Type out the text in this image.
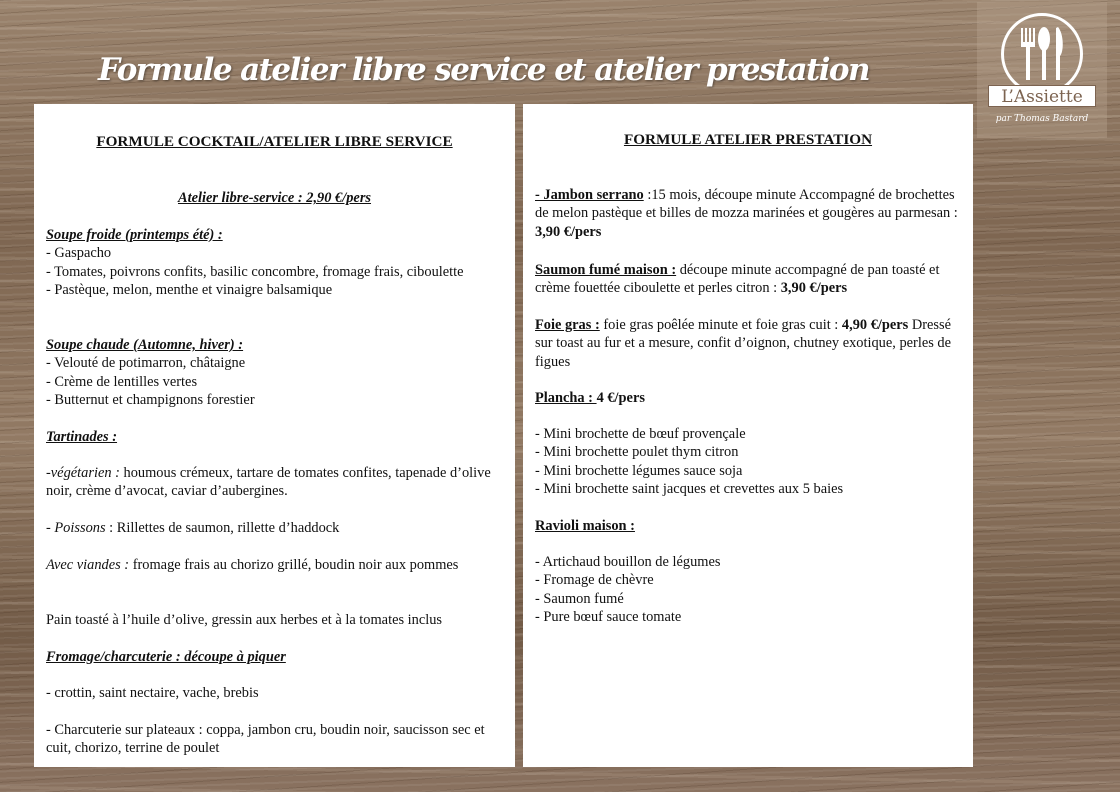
Formule atelier libre service et atelier prestation
L’Assiette
par Thomas Bastard
FORMULE COCKTAIL/ATELIER LIBRE SERVICE
Atelier libre-service : 2,90 €/pers
Soupe froide (printemps été) :
- Gaspacho
- Tomates, poivrons confits, basilic concombre, fromage frais, ciboulette
- Pastèque, melon, menthe et vinaigre balsamique
Soupe chaude (Automne, hiver) :
- Velouté de potimarron, châtaigne
- Crème de lentilles vertes
- Butternut et champignons forestier
Tartinades :
-végétarien : houmous crémeux, tartare de tomates confites, tapenade d’olive noir, crème d’avocat, caviar d’aubergines.
- Poissons : Rillettes de saumon, rillette d’haddock
Avec viandes : fromage frais au chorizo grillé, boudin noir aux pommes
Pain toasté à l’huile d’olive, gressin aux herbes et à la tomates inclus
Fromage/charcuterie : découpe à piquer
- crottin, saint nectaire, vache, brebis
- Charcuterie sur plateaux : coppa, jambon cru, boudin noir, saucisson sec et cuit, chorizo, terrine de poulet
FORMULE ATELIER PRESTATION
- Jambon serrano :15 mois, découpe minute Accompagné de brochettes de melon pastèque et billes de mozza marinées et gougères au parmesan : 3,90 €/pers
Saumon fumé maison : découpe minute accompagné de pan toasté et crème fouettée ciboulette et perles citron : 3,90 €/pers
Foie gras : foie gras poêlée minute et foie gras cuit : 4,90 €/pers Dressé sur toast au fur et a mesure, confit d’oignon, chutney exotique, perles de figues
Plancha : 4 €/pers
- Mini brochette de bœuf provençale
- Mini brochette poulet thym citron
- Mini brochette légumes sauce soja
- Mini brochette saint jacques et crevettes aux 5 baies
Ravioli maison :
- Artichaud bouillon de légumes
- Fromage de chèvre
- Saumon fumé
- Pure bœuf sauce tomate
